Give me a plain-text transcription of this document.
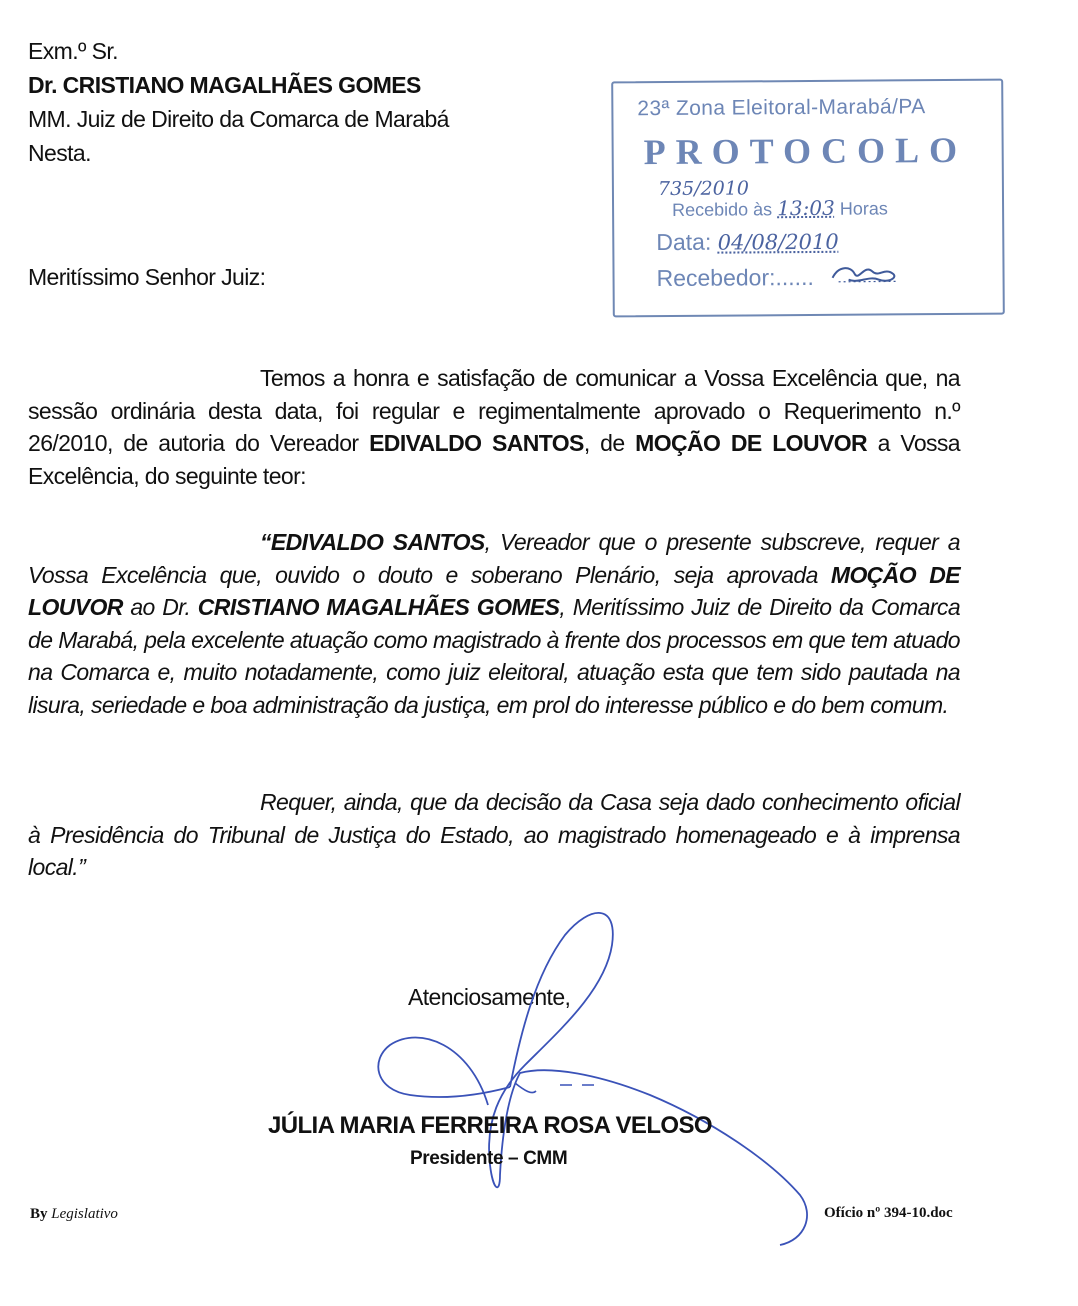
Exm.º Sr.
Dr. CRISTIANO MAGALHÃES GOMES
MM. Juiz de Direito da Comarca de Marabá
Nesta.
23ª Zona Eleitoral-Marabá/PA
PROTOCOLO
735/2010
Recebido às 13:03 Horas
Data: 04/08/2010
Recebedor:......
Meritíssimo Senhor Juiz:
Temos a honra e satisfação de comunicar a Vossa Excelência que, na sessão ordinária desta data, foi regular e regimentalmente aprovado o Requerimento n.º 26/2010, de autoria do Vereador EDIVALDO SANTOS, de MOÇÃO DE LOUVOR a Vossa Excelência, do seguinte teor:
“EDIVALDO SANTOS, Vereador que o presente subscreve, requer a Vossa Excelência que, ouvido o douto e soberano Plenário, seja aprovada MOÇÃO DE LOUVOR ao Dr. CRISTIANO MAGALHÃES GOMES, Meritíssimo Juiz de Direito da Comarca de Marabá, pela excelente atuação como magistrado à frente dos processos em que tem atuado na Comarca e, muito notadamente, como juiz eleitoral, atuação esta que tem sido pautada na lisura, seriedade e boa administração da justiça, em prol do interesse público e do bem comum.
Requer, ainda, que da decisão da Casa seja dado conhecimento oficial à Presidência do Tribunal de Justiça do Estado, ao magistrado homenageado e à imprensa local.”
Atenciosamente,
JÚLIA MARIA FERREIRA ROSA VELOSO
Presidente – CMM
By Legislativo	Ofício nº 394-10.doc
